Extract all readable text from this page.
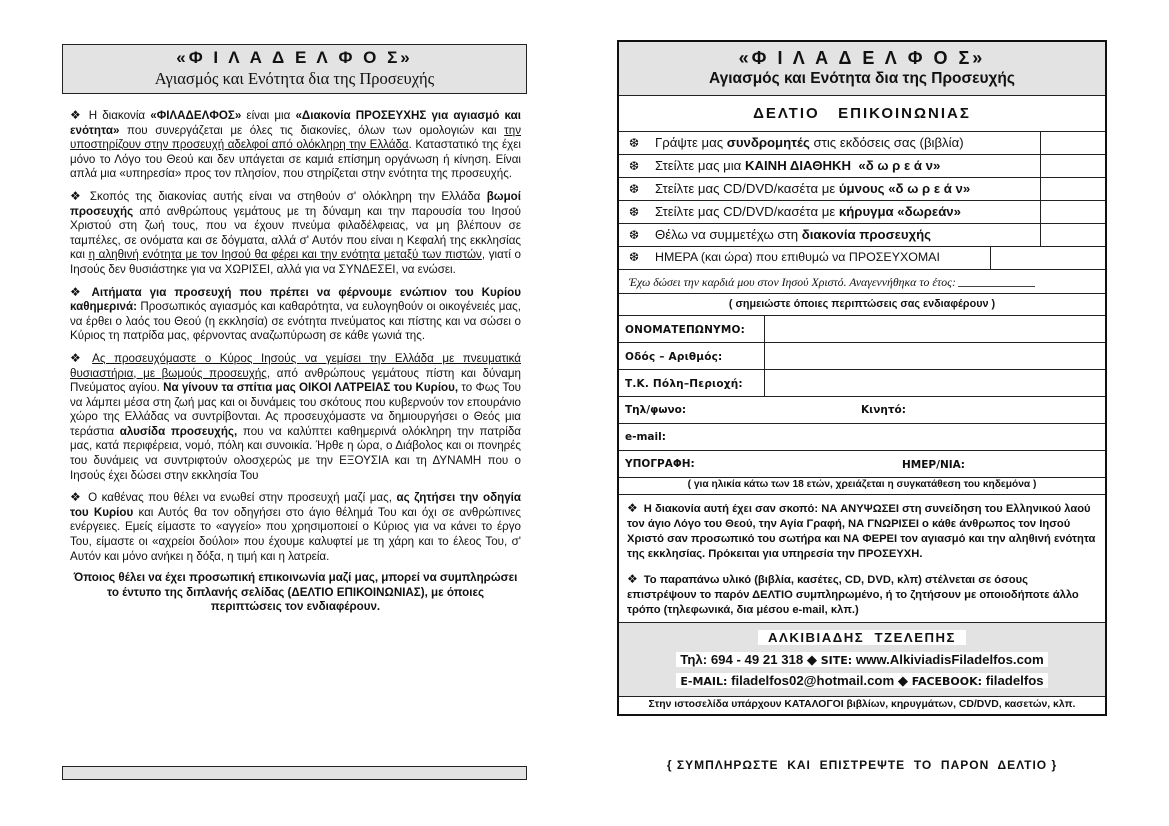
«Φ Ι Λ Α Δ Ε Λ Φ Ο Σ»
Αγιασμός και Ενότητα δια της Προσευχής

❖ Η διακονία «ΦΙΛΑΔΕΛΦΟΣ» είναι μια «Διακονία ΠΡΟΣΕΥΧΗΣ για αγιασμό και ενότητα» που συνεργάζεται με όλες τις διακονίες, όλων των ομολογιών και την υποστηρίζουν στην προσευχή αδελφοί από ολόκληρη την Ελλάδα. Καταστατικό της έχει μόνο το Λόγο του Θεού και δεν υπάγεται σε καμιά επίσημη οργάνωση ή κίνηση. Είναι απλά μια «υπηρεσία» προς τον πλησίον, που στηρίζεται στην ενότητα της προσευχής.

❖ Σκοπός της διακονίας αυτής είναι να στηθούν σ' ολόκληρη την Ελλάδα βωμοί προσευχής από ανθρώπους γεμάτους με τη δύναμη και την παρουσία του Ιησού Χριστού στη ζωή τους, που να έχουν πνεύμα φιλαδέλφειας, να μη βλέπουν σε ταμπέλες, σε ονόματα και σε δόγματα, αλλά σ' Αυτόν που είναι η Κεφαλή της εκκλησίας και η αληθινή ενότητα με τον Ιησού θα φέρει και την ενότητα μεταξύ των πιστών, γιατί ο Ιησούς δεν θυσιάστηκε για να ΧΩΡΙΣΕΙ, αλλά για να ΣΥΝΔΕΣΕΙ, να ενώσει.

❖ Αιτήματα για προσευχή που πρέπει να φέρνουμε ενώπιον του Κυρίου καθημερινά: Προσωπικός αγιασμός και καθαρότητα, να ευλογηθούν οι οικογένειές μας, να έρθει ο λαός του Θεού (η εκκλησία) σε ενότητα πνεύματος και πίστης και να σώσει ο Κύριος τη πατρίδα μας, φέρνοντας αναζωπύρωση σε κάθε γωνιά της.

❖ Ας προσευχόμαστε ο Κύρος Ιησούς να γεμίσει την Ελλάδα με πνευματικά θυσιαστήρια, με βωμούς προσευχής, από ανθρώπους γεμάτους πίστη και δύναμη Πνεύματος αγίου. Να γίνουν τα σπίτια μας ΟΙΚΟΙ ΛΑΤΡΕΙΑΣ του Κυρίου, το Φως Του να λάμπει μέσα στη ζωή μας και οι δυνάμεις του σκότους που κυβερνούν τον επουράνιο χώρο της Ελλάδας να συντρίβονται. Ας προσευχόμαστε να δημιουργήσει ο Θεός μια τεράστια αλυσίδα προσευχής, που να καλύπτει καθημερινά ολόκληρη την πατρίδα μας, κατά περιφέρεια, νομό, πόλη και συνοικία. Ήρθε η ώρα, ο Διάβολος και οι πονηρές του δυνάμεις να συντριφτούν ολοσχερώς με την ΕΞΟΥΣΙΑ και τη ΔΥΝΑΜΗ που ο Ιησούς έχει δώσει στην εκκλησία Του

❖ Ο καθένας που θέλει να ενωθεί στην προσευχή μαζί μας, ας ζητήσει την οδηγία του Κυρίου και Αυτός θα τον οδηγήσει στο άγιο θέλημά Του και όχι σε ανθρώπινες ενέργειες. Εμείς είμαστε το «αγγείο» που χρησιμοποιεί ο Κύριος για να κάνει το έργο Του, είμαστε οι «αχρείοι δούλοι» που έχουμε καλυφτεί με τη χάρη και το έλεος Του, σ' Αυτόν και μόνο ανήκει η δόξα, η τιμή και η λατρεία.

Όποιος θέλει να έχει προσωπική επικοινωνία μαζί μας, μπορεί να συμπληρώσει το έντυπο της διπλανής σελίδας (ΔΕΛΤΙΟ ΕΠΙΚΟΙΝΩΝΙΑΣ), με όποιες περιπτώσεις τον ενδιαφέρουν.

«Φ Ι Λ Α Δ Ε Λ Φ Ο Σ»
Αγιασμός και Ενότητα δια της Προσευχής
ΔΕΛΤΙΟ   ΕΠΙΚΟΙΝΩΝΙΑΣ
❆ Γράψτε μας συνδρομητές στις εκδόσεις σας (βιβλία)
❆ Στείλτε μας μια ΚΑΙΝΗ ΔΙΑΘΗΚΗ  «δ ω ρ ε ά ν»
❆ Στείλτε μας CD/DVD/κασέτα με ύμνους «δ ω ρ ε ά ν»
❆ Στείλτε μας CD/DVD/κασέτα με κήρυγμα «δωρεάν»
❆ Θέλω να συμμετέχω στη διακονία προσευχής
❆ ΗΜΕΡΑ (και ώρα) που επιθυμώ να ΠΡΟΣΕΥΧΟΜΑΙ
Έχω δώσει την καρδιά μου στον Ιησού Χριστό. Αναγεννήθηκα το έτος:
( σημειώστε όποιες περιπτώσεις σας ενδιαφέρουν )
ΟΝΟΜΑΤΕΠΩΝΥΜΟ:
Οδός – Αριθμός:
Τ.Κ. Πόλη–Περιοχή:
Τηλ/φωνο:	Κινητό:
e-mail:
ΥΠΟΓΡΑΦΗ:	ΗΜΕΡ/ΝΙΑ:
( για ηλικία κάτω των 18 ετών, χρειάζεται η συγκατάθεση του κηδεμόνα )
❖ Η διακονία αυτή έχει σαν σκοπό: ΝΑ ΑΝΥΨΩΣΕΙ στη συνείδηση του Ελληνικού λαού τον άγιο Λόγο του Θεού, την Αγία Γραφή, ΝΑ ΓΝΩΡΙΣΕΙ ο κάθε άνθρωπος τον Ιησού Χριστό σαν προσωπικό του σωτήρα και ΝΑ ΦΕΡΕΙ τον αγιασμό και την αληθινή ενότητα της εκκλησίας. Πρόκειται για υπηρεσία την ΠΡΟΣΕΥΧΗ.
❖ Το παραπάνω υλικό (βιβλία, κασέτες, CD, DVD, κλπ) στέλνεται σε όσους επιστρέψουν το παρόν ΔΕΛΤΙΟ συμπληρωμένο, ή το ζητήσουν με οποιοδήποτε άλλο τρόπο (τηλεφωνικά, δια μέσου e-mail, κλπ.)
ΑΛΚΙΒΙΑΔΗΣ  ΤΖΕΛΕΠΗΣ
Τηλ: 694 - 49 21 318 ◆ SITE: www.AlkiviadisFiladelfos.com
E-MAIL: filadelfos02@hotmail.com ◆ FACEBOOK: filadelfos
Στην ιστοσελίδα υπάρχουν ΚΑΤΑΛΟΓΟΙ βιβλίων, κηρυγμάτων, CD/DVD, κασετών, κλπ.
{ ΣΥΜΠΛΗΡΩΣΤΕ  ΚΑΙ  ΕΠΙΣΤΡΕΨΤΕ  ΤΟ  ΠΑΡΟΝ  ΔΕΛΤΙΟ }
